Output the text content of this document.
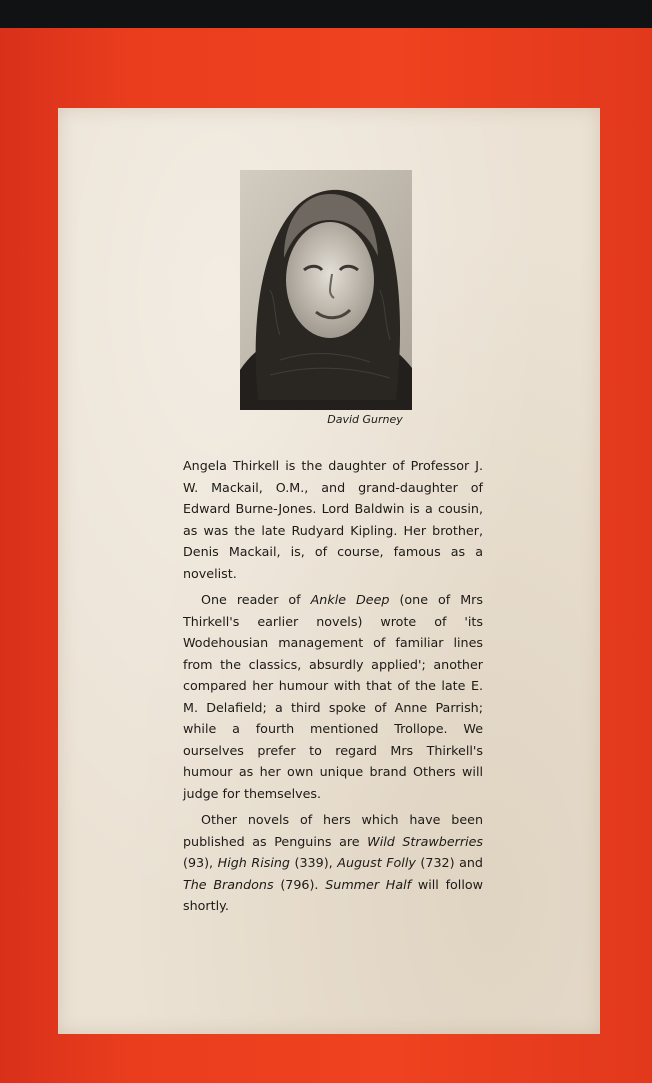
David Gurney

Angela Thirkell is the daughter of Professor J. W. Mackail, O.M., and grand-daughter of Edward Burne-Jones. Lord Baldwin is a cousin, as was the late Rudyard Kipling. Her brother, Denis Mackail, is, of course, famous as a novelist.

One reader of Ankle Deep (one of Mrs Thirkell's earlier novels) wrote of 'its Wodehousian management of familiar lines from the classics, absurdly applied'; another compared her humour with that of the late E. M. Delafield; a third spoke of Anne Parrish; while a fourth mentioned Trollope. We ourselves prefer to regard Mrs Thirkell's humour as her own unique brand Others will judge for themselves.

Other novels of hers which have been published as Penguins are Wild Strawberries (93), High Rising (339), August Folly (732) and The Brandons (796). Summer Half will follow shortly.
